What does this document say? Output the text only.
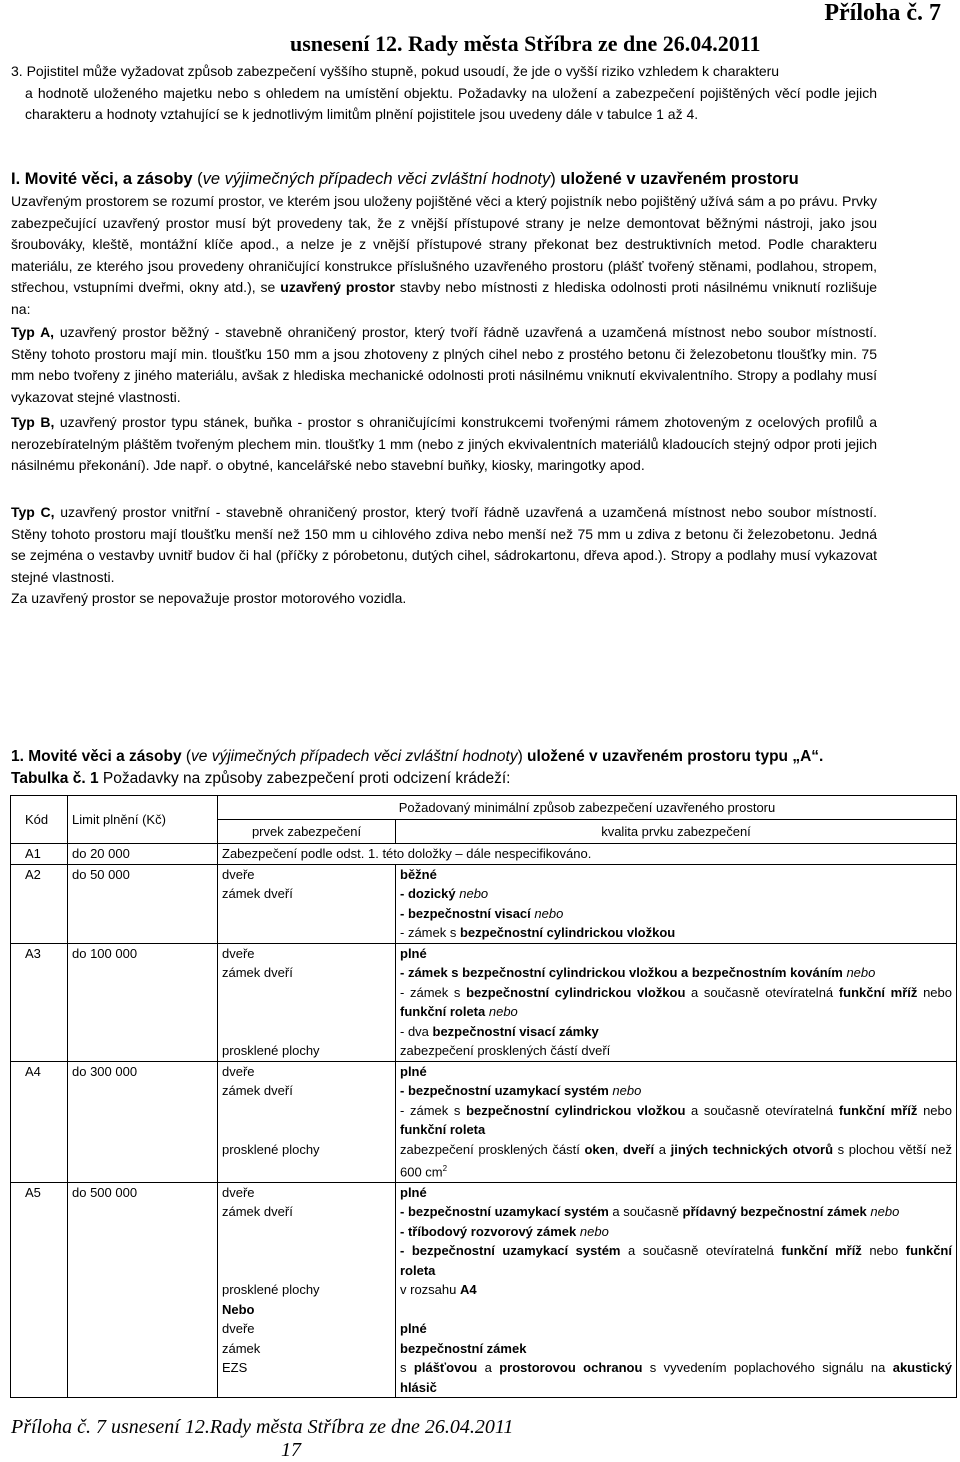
Příloha č. 7
usnesení 12. Rady města Stříbra ze dne 26.04.2011
3. Pojistitel může vyžadovat způsob zabezpečení vyššího stupně, pokud usoudí, že jde o vyšší riziko vzhledem k charakteru
a hodnotě uloženého majetku nebo s ohledem na umístění objektu. Požadavky na uložení a zabezpečení pojištěných věcí podle jejich charakteru a hodnoty vztahující se k jednotlivým limitům plnění pojistitele jsou uvedeny dále v tabulce 1 až 4.
I. Movité věci, a zásoby (ve výjimečných případech věci zvláštní hodnoty) uložené v uzavřeném prostoru
Uzavřeným prostorem se rozumí prostor, ve kterém jsou uloženy pojištěné věci a který pojistník nebo pojištěný užívá sám a po právu. Prvky zabezpečující uzavřený prostor musí být provedeny tak, že z vnější přístupové strany je nelze demontovat běžnými nástroji, jako jsou šroubováky, kleště, montážní klíče apod., a nelze je z vnější přístupové strany překonat bez destruktivních metod. Podle charakteru materiálu, ze kterého jsou provedeny ohraničující konstrukce příslušného uzavřeného prostoru (plášť tvořený stěnami, podlahou, stropem, střechou, vstupními dveřmi, okny atd.), se uzavřený prostor stavby nebo místnosti z hlediska odolnosti proti násilnému vniknutí rozlišuje na:
Typ A, uzavřený prostor běžný - stavebně ohraničený prostor, který tvoří řádně uzavřená a uzamčená místnost nebo soubor místností. Stěny tohoto prostoru mají min. tloušťku 150 mm a jsou zhotoveny z plných cihel nebo z prostého betonu či železobetonu tloušťky min. 75 mm nebo tvořeny z jiného materiálu, avšak z hlediska mechanické odolnosti proti násilnému vniknutí ekvivalentního. Stropy a podlahy musí vykazovat stejné vlastnosti.
Typ B, uzavřený prostor typu stánek, buňka - prostor s ohraničujícími konstrukcemi tvořenými rámem zhotoveným z ocelových profilů a nerozebíratelným pláštěm tvořeným plechem min. tloušťky 1 mm (nebo z jiných ekvivalentních materiálů kladoucích stejný odpor proti jejich násilnému překonání). Jde např. o obytné, kancelářské nebo stavební buňky, kiosky, maringotky apod.
Typ C, uzavřený prostor vnitřní - stavebně ohraničený prostor, který tvoří řádně uzavřená a uzamčená místnost nebo soubor místností. Stěny tohoto prostoru mají tloušťku menší než 150 mm u cihlového zdiva nebo menší než 75 mm u zdiva z betonu či železobetonu. Jedná se zejména o vestavby uvnitř budov či hal (příčky z pórobetonu, dutých cihel, sádrokartonu, dřeva apod.). Stropy a podlahy musí vykazovat stejné vlastnosti.
Za uzavřený prostor se nepovažuje prostor motorového vozidla.
1. Movité věci a zásoby (ve výjimečných případech věci zvláštní hodnoty) uložené v uzavřeném prostoru typu „A“.
Tabulka č. 1 Požadavky na způsoby zabezpečení proti odcizení krádeží:
Kód	Limit plnění (Kč)	Požadovaný minimální způsob zabezpečení uzavřeného prostoru	
		prvek zabezpečení	kvalita prvku zabezpečení
A1	do 20 000	Zabezpečení podle odst. 1. této doložky – dále nespecifikováno.	
A2	do 50 000	dveře	běžné
		zámek dveří	- dozický nebo
- bezpečnostní visací nebo
- zámek s bezpečnostní cylindrickou vložkou

A3	do 100 000	dveře	plné
		zámek dveří	- zámek s bezpečnostní cylindrickou vložkou a bezpečnostním kováním nebo
- zámek s bezpečnostní cylindrickou vložkou a současně otevíratelná funkční mříž nebo funkční roleta nebo
- dva bezpečnostní visací zámky

		prosklené plochy	zabezpečení prosklených částí dveří
A4	do 300 000	dveře	plné
		zámek dveří	- bezpečnostní uzamykací systém nebo
- zámek s bezpečnostní cylindrickou vložkou a současně otevíratelná funkční mříž nebo funkční roleta

		prosklené plochy	zabezpečení prosklených částí oken, dveří a jiných technických otvorů s plochou větší než 600 $cm^2$
A5	do 500 000	dveře	plné
		zámek dveří	- bezpečnostní uzamykací systém a současně přídavný bezpečnostní zámek nebo
- tříbodový rozvorový zámek nebo
- bezpečnostní uzamykací systém a současně otevíratelná funkční mříž nebo funkční roleta

		prosklené plochy	v rozsahu A4
		Nebo	
		dveře	plné
		zámek	bezpečnostní zámek
		EZS	s plášťovou a prostorovou ochranou s vyvedením poplachového signálu na akustický hlásič
Příloha č. 7 usnesení 12.Rady města Stříbra ze dne 26.04.2011
17
